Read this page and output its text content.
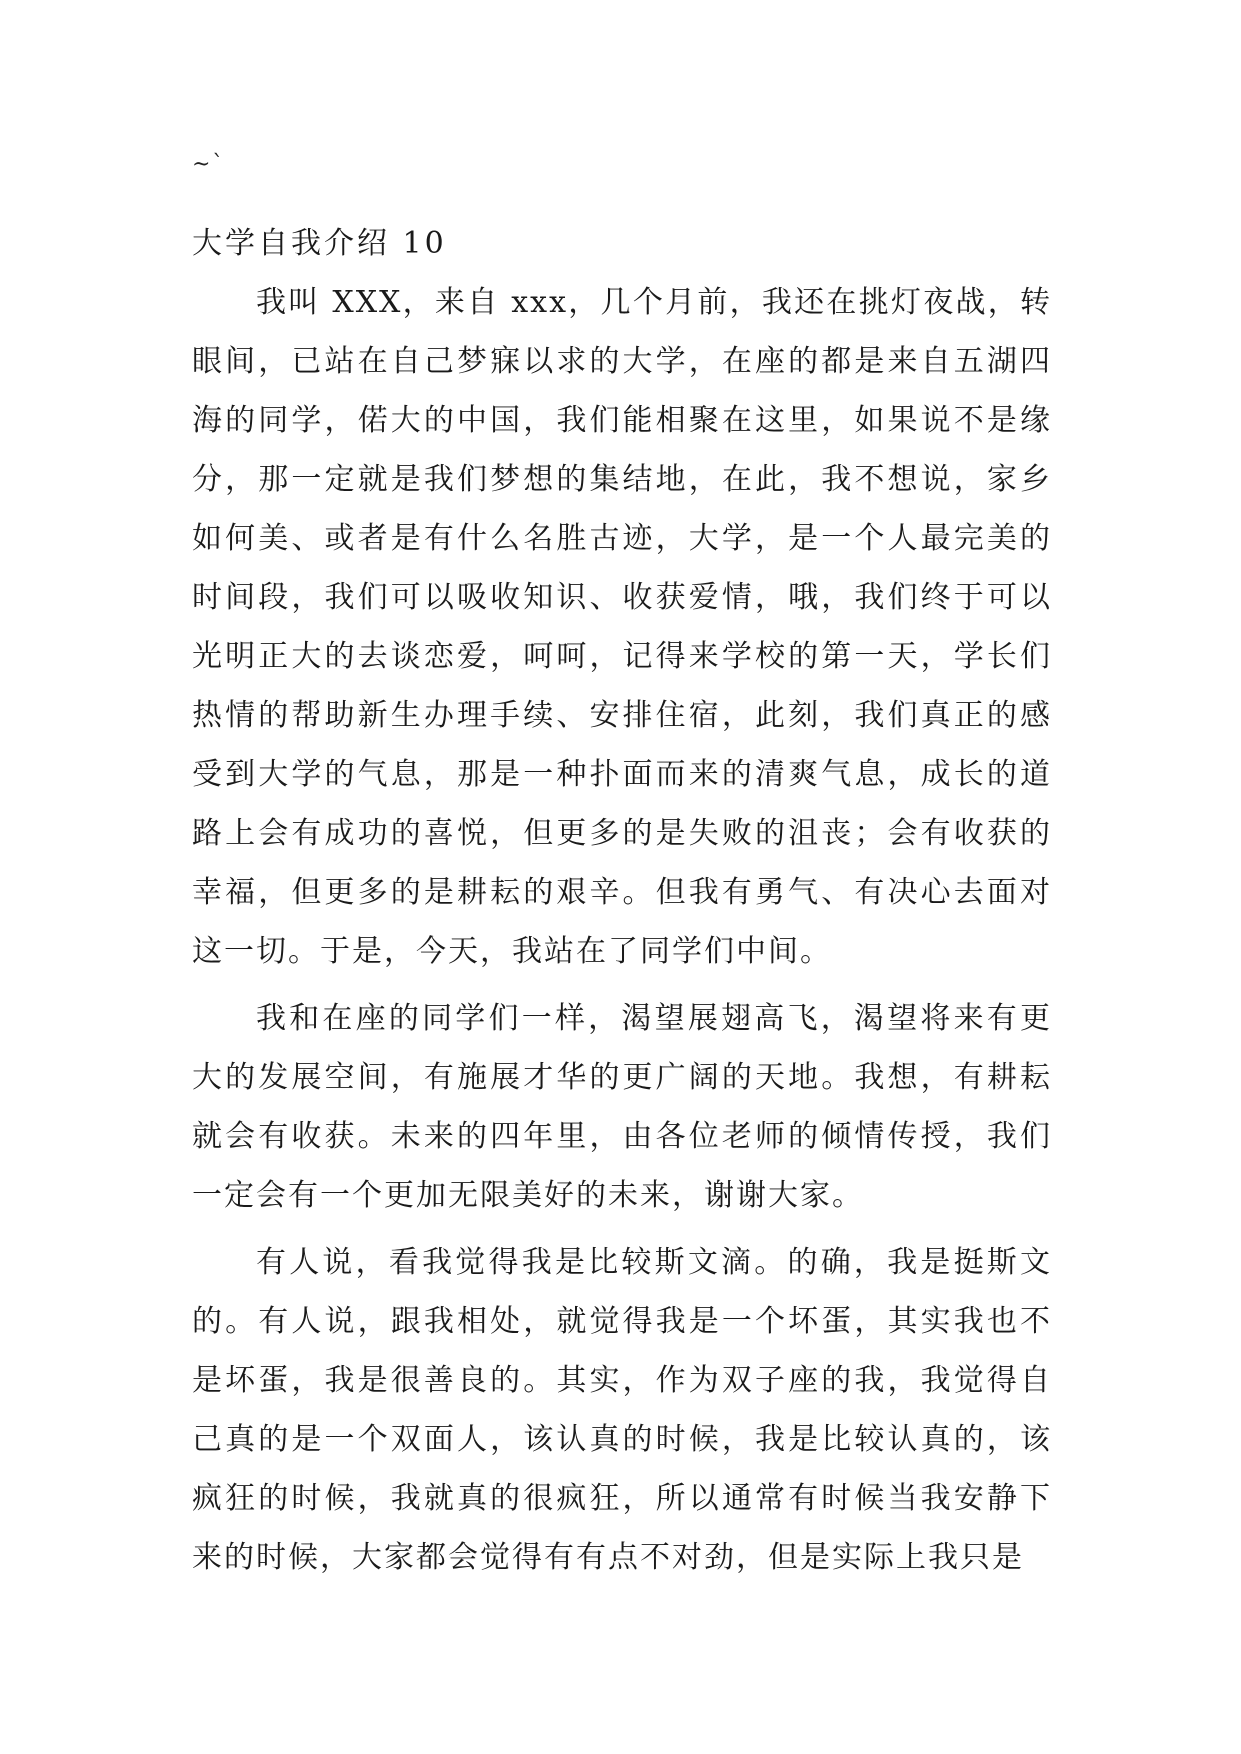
~`
大学自我介绍 10

我叫 XXX，来自 xxx，几个月前，我还在挑灯夜战，转眼间，已站在自己梦寐以求的大学，在座的都是来自五湖四海的同学，偌大的中国，我们能相聚在这里，如果说不是缘分，那一定就是我们梦想的集结地，在此，我不想说，家乡如何美、或者是有什么名胜古迹，大学，是一个人最完美的时间段，我们可以吸收知识、收获爱情，哦，我们终于可以光明正大的去谈恋爱，呵呵，记得来学校的第一天，学长们热情的帮助新生办理手续、安排住宿，此刻，我们真正的感受到大学的气息，那是一种扑面而来的清爽气息，成长的道路上会有成功的喜悦，但更多的是失败的沮丧；会有收获的幸福，但更多的是耕耘的艰辛。但我有勇气、有决心去面对这一切。于是，今天，我站在了同学们中间。

我和在座的同学们一样，渴望展翅高飞，渴望将来有更大的发展空间，有施展才华的更广阔的天地。我想，有耕耘就会有收获。未来的四年里，由各位老师的倾情传授，我们一定会有一个更加无限美好的未来，谢谢大家。

有人说，看我觉得我是比较斯文滴。的确，我是挺斯文的。有人说，跟我相处，就觉得我是一个坏蛋，其实我也不是坏蛋，我是很善良的。其实，作为双子座的我，我觉得自己真的是一个双面人，该认真的时候，我是比较认真的，该疯狂的时候，我就真的很疯狂，所以通常有时候当我安静下来的时候，大家都会觉得有有点不对劲，但是实际上我只是
